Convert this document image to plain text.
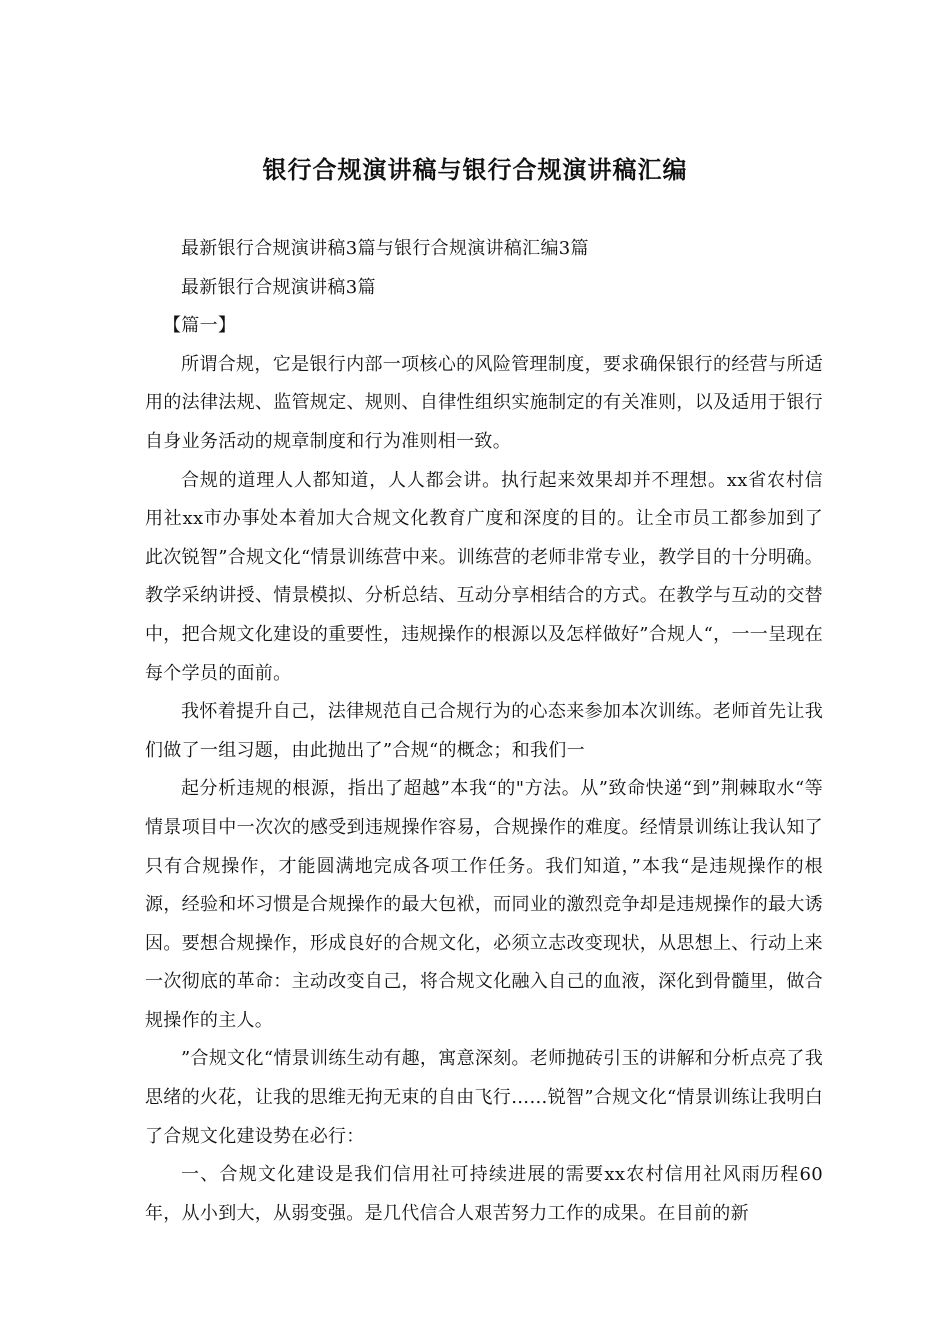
银行合规演讲稿与银行合规演讲稿汇编

最新银行合规演讲稿3篇与银行合规演讲稿汇编3篇

最新银行合规演讲稿3篇

【篇一】

所谓合规，它是银行内部一项核心的风险管理制度，要求确保银行的经营与所适用的法律法规、监管规定、规则、自律性组织实施制定的有关准则，以及适用于银行自身业务活动的规章制度和行为准则相一致。

合规的道理人人都知道，人人都会讲。执行起来效果却并不理想。xx省农村信用社xx市办事处本着加大合规文化教育广度和深度的目的。让全市员工都参加到了此次锐智”合规文化“情景训练营中来。训练营的老师非常专业，教学目的十分明确。教学采纳讲授、情景模拟、分析总结、互动分享相结合的方式。在教学与互动的交替中，把合规文化建设的重要性，违规操作的根源以及怎样做好”合规人“，一一呈现在每个学员的面前。

我怀着提升自己，法律规范自己合规行为的心态来参加本次训练。老师首先让我们做了一组习题，由此抛出了”合规“的概念；和我们一

起分析违规的根源，指出了超越”本我“的"方法。从”致命快递“到”荆棘取水“等情景项目中一次次的感受到违规操作容易，合规操作的难度。经情景训练让我认知了只有合规操作，才能圆满地完成各项工作任务。我们知道，”本我“是违规操作的根源，经验和坏习惯是合规操作的最大包袱，而同业的激烈竞争却是违规操作的最大诱因。要想合规操作，形成良好的合规文化，必须立志改变现状，从思想上、行动上来一次彻底的革命：主动改变自己，将合规文化融入自己的血液，深化到骨髓里，做合规操作的主人。

”合规文化“情景训练生动有趣，寓意深刻。老师抛砖引玉的讲解和分析点亮了我思绪的火花，让我的思维无拘无束的自由飞行……锐智”合规文化“情景训练让我明白了合规文化建设势在必行：

一、合规文化建设是我们信用社可持续进展的需要xx农村信用社风雨历程60年，从小到大，从弱变强。是几代信合人艰苦努力工作的成果。在目前的新
